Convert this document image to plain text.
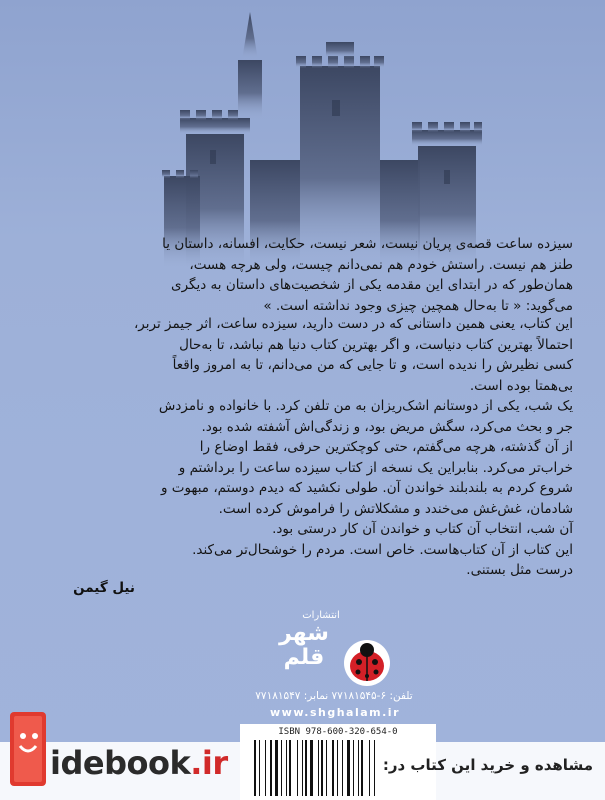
سیزده ساعت قصه‌ی پریان نیست، شعر نیست، حکایت، افسانه، داستان یا

طنز هم نیست. راستش خودم هم نمی‌دانم چیست، ولی هرچه هست،

همان‌طور که در ابتدای این مقدمه یکی از شخصیت‌های داستان به دیگری

می‌گوید: « تا به‌حال همچین چیزی وجود نداشته است. »

این کتاب، یعنی همین داستانی که در دست دارید، سیزده ساعت، اثر جیمز تربر،

احتمالاً بهترین کتاب دنیاست، و اگر بهترین کتاب دنیا هم نباشد، تا به‌حال

کسی نظیرش را ندیده است، و تا جایی که من می‌دانم، تا به امروز واقعاً

بی‌همتا بوده است.

یک شب، یکی از دوستانم اشک‌ریزان به من تلفن کرد. با خانواده و نامزدش

جر و بحث می‌کرد، سگش مریض بود، و زندگی‌اش آشفته شده بود.

از آن گذشته، هرچه می‌گفتم، حتی کوچکترین حرفی، فقط اوضاع را

خراب‌تر می‌کرد. بنابراین یک نسخه از کتاب سیزده ساعت را برداشتم و

شروع کردم به بلندبلند خواندن آن. طولی نکشید که دیدم دوستم، مبهوت و

شادمان، غش‌غش می‌خندد و مشکلاتش را فراموش کرده است.

آن شب، انتخاب آن کتاب و خواندن آن کار درستی بود.

این کتاب از آن کتاب‌هاست. خاص است. مردم را خوشحال‌تر می‌کند.

درست مثل بستنی.

نیل گیمن
انتشارات
شهر قلم
تلفن: ۶-۷۷۱۸۱۵۴۵ نمابر: ۷۷۱۸۱۵۴۷
www.shghalam.ir
ISBN 978-600-320-654-0
idebook.ir	مشاهده و خرید این کتاب در:
